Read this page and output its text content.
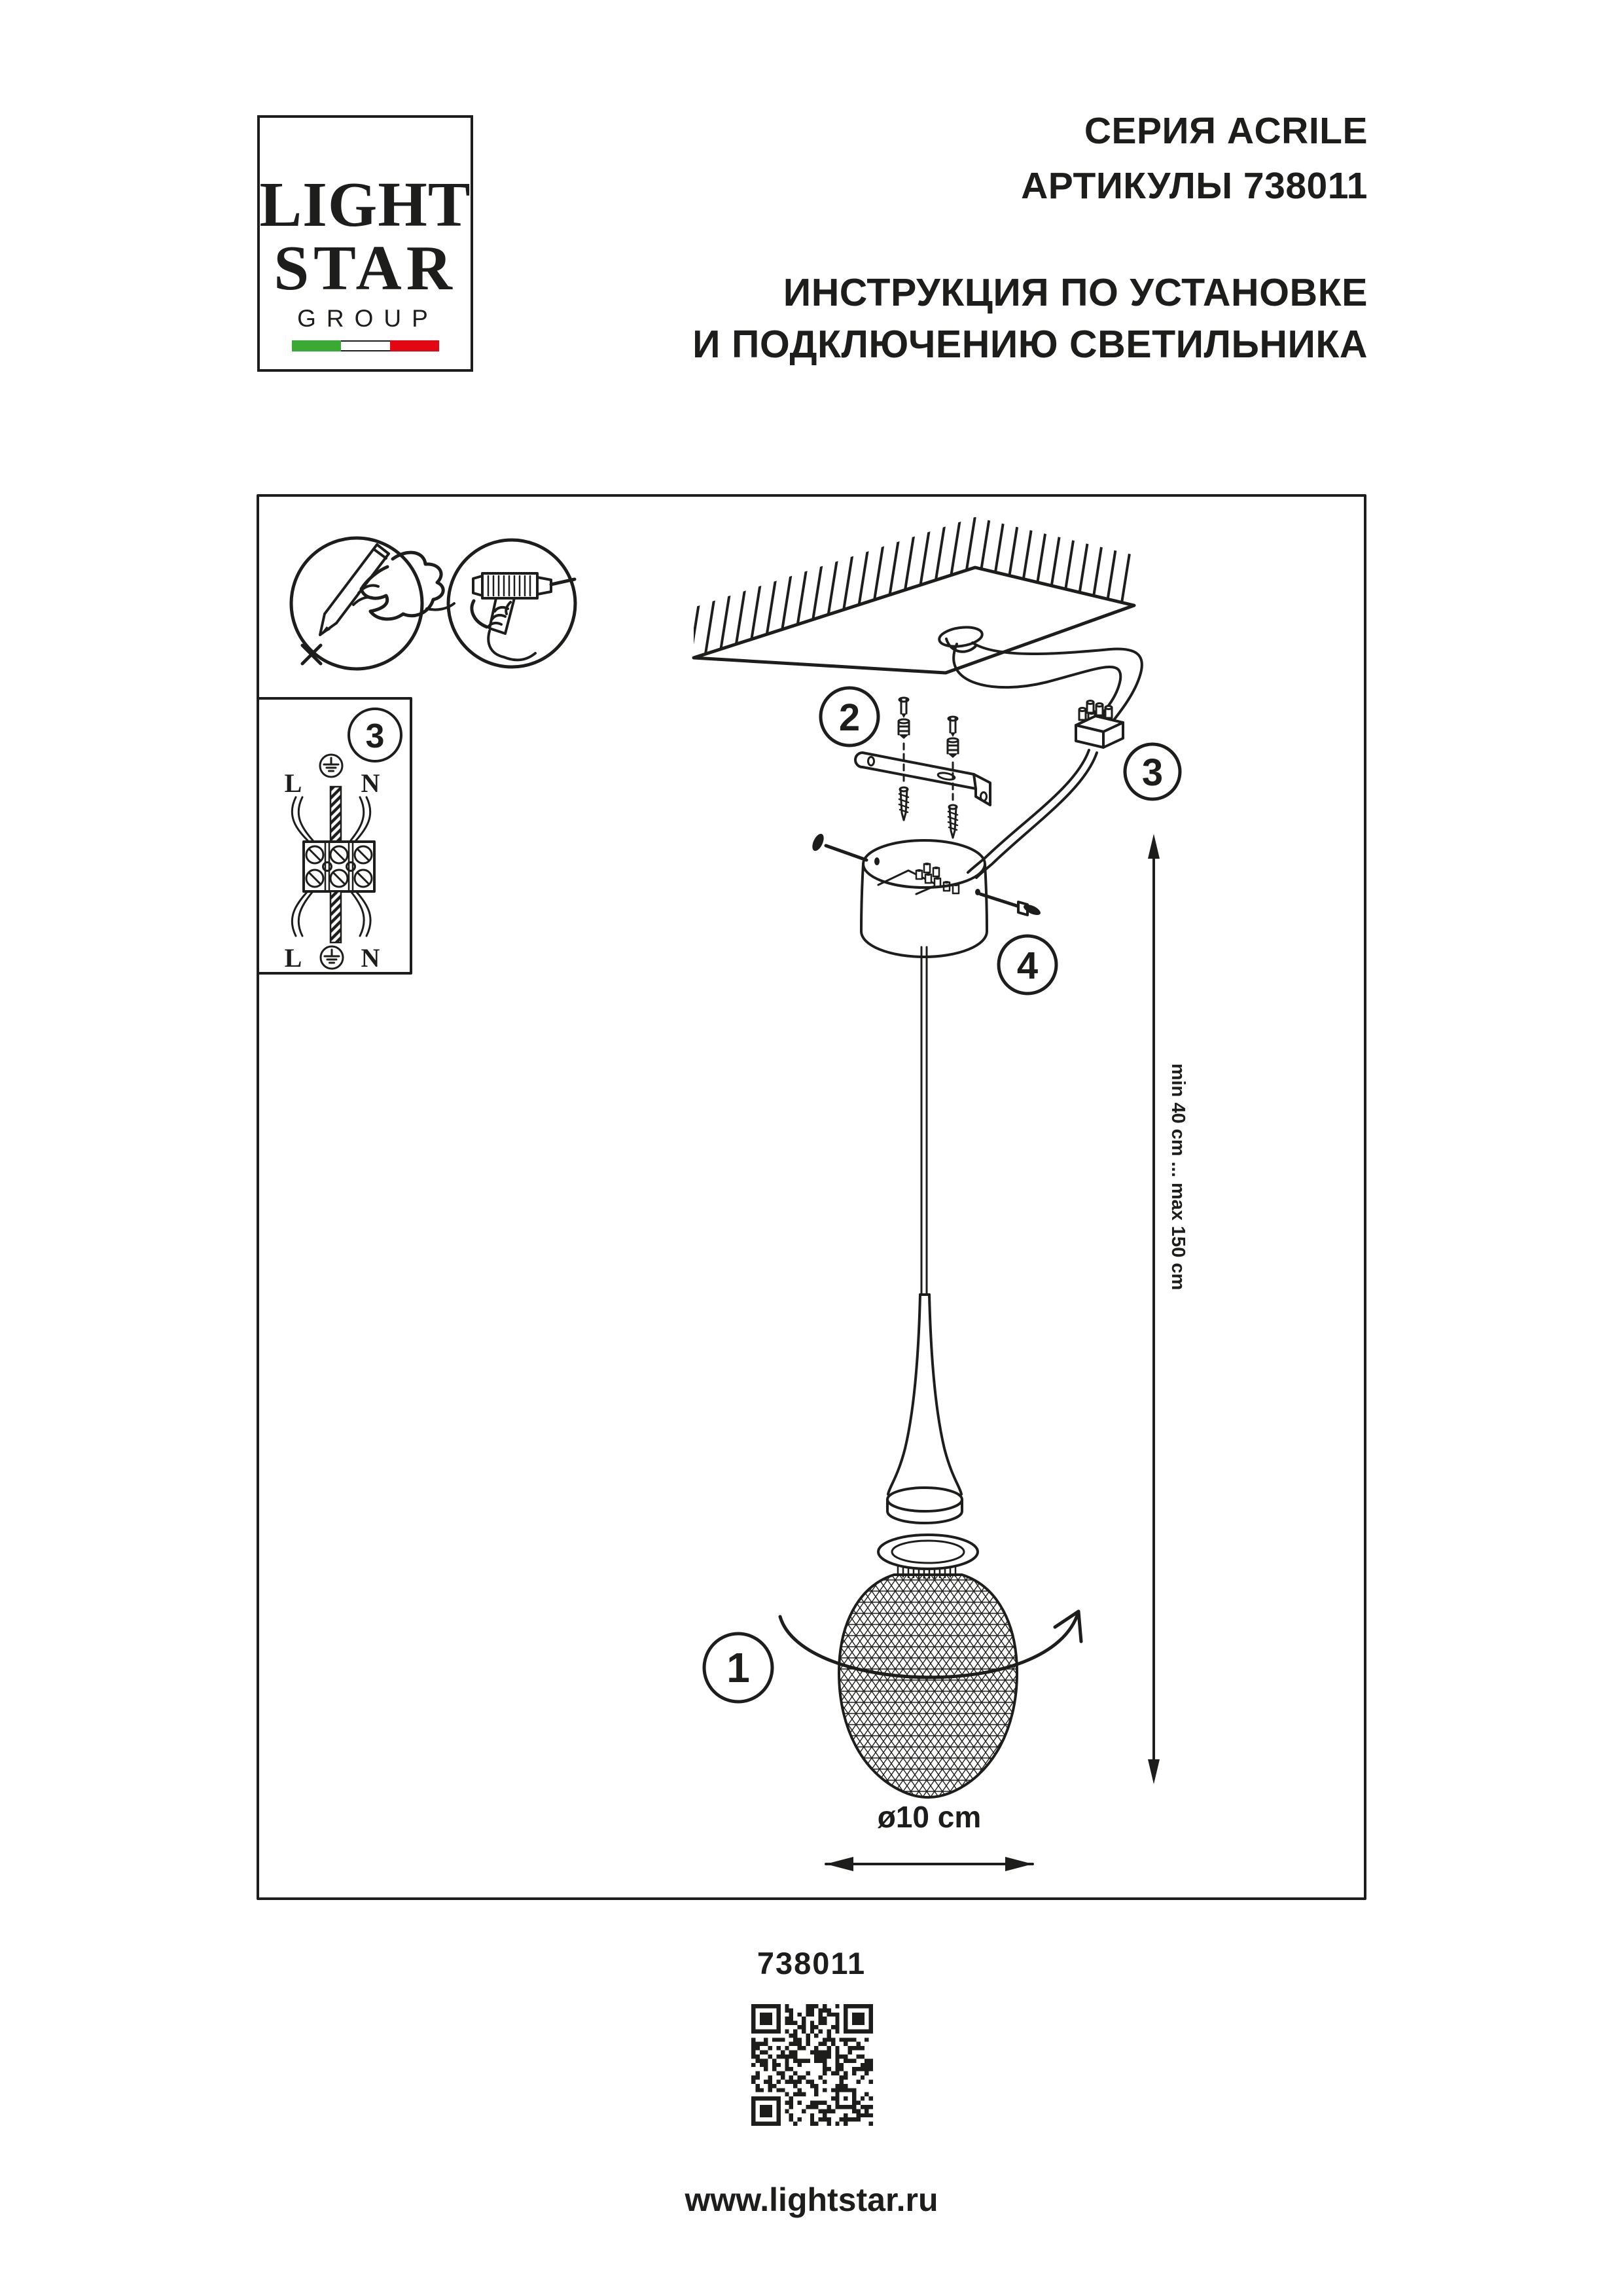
3
2
4
1
min 40 cm ... max 150 cm
ø10 cm
3
L N
L N
LIGHT
STAR
GROUP
СЕРИЯ ACRILE
АРТИКУЛЫ 738011
ИНСТРУКЦИЯ ПО УСТАНОВКЕ
И ПОДКЛЮЧЕНИЮ СВЕТИЛЬНИКА
738011
www.lightstar.ru
